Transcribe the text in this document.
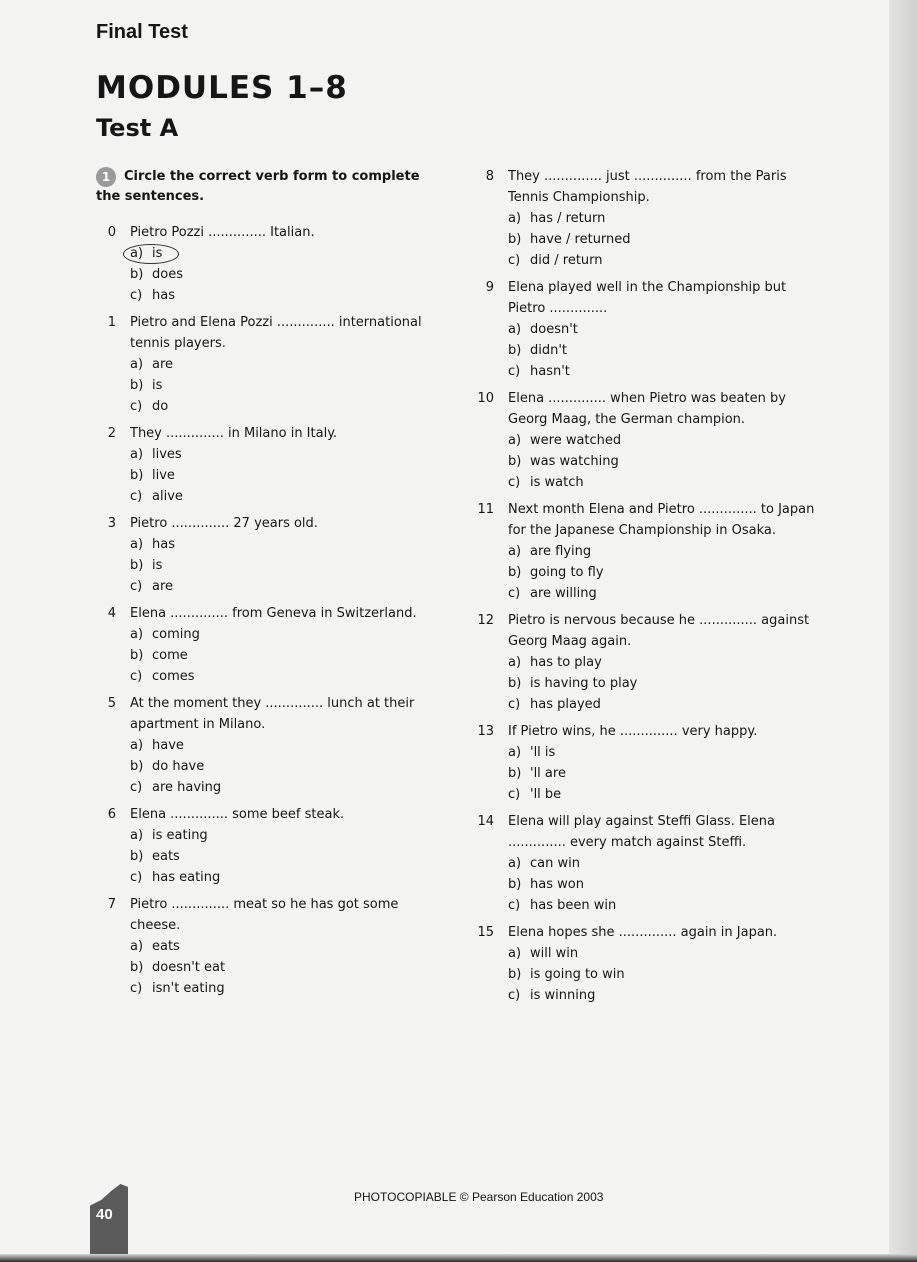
Final Test
MODULES 1–8
Test A
1 Circle the correct verb form to complete the sentences.
0 Pietro Pozzi .............. Italian.
a) is
b) does
c) has
1 Pietro and Elena Pozzi .............. international tennis players.
a) are
b) is
c) do
2 They .............. in Milano in Italy.
a) lives
b) live
c) alive
3 Pietro .............. 27 years old.
a) has
b) is
c) are
4 Elena .............. from Geneva in Switzerland.
a) coming
b) come
c) comes
5 At the moment they .............. lunch at their apartment in Milano.
a) have
b) do have
c) are having
6 Elena .............. some beef steak.
a) is eating
b) eats
c) has eating
7 Pietro .............. meat so he has got some cheese.
a) eats
b) doesn't eat
c) isn't eating
8 They .............. just .............. from the Paris Tennis Championship.
a) has / return
b) have / returned
c) did / return
9 Elena played well in the Championship but Pietro ..............
a) doesn't
b) didn't
c) hasn't
10 Elena .............. when Pietro was beaten by Georg Maag, the German champion.
a) were watched
b) was watching
c) is watch
11 Next month Elena and Pietro .............. to Japan for the Japanese Championship in Osaka.
a) are flying
b) going to fly
c) are willing
12 Pietro is nervous because he .............. against Georg Maag again.
a) has to play
b) is having to play
c) has played
13 If Pietro wins, he .............. very happy.
a) 'll is
b) 'll are
c) 'll be
14 Elena will play against Steffi Glass. Elena .............. every match against Steffi.
a) can win
b) has won
c) has been win
15 Elena hopes she .............. again in Japan.
a) will win
b) is going to win
c) is winning
40
PHOTOCOPIABLE © Pearson Education 2003
